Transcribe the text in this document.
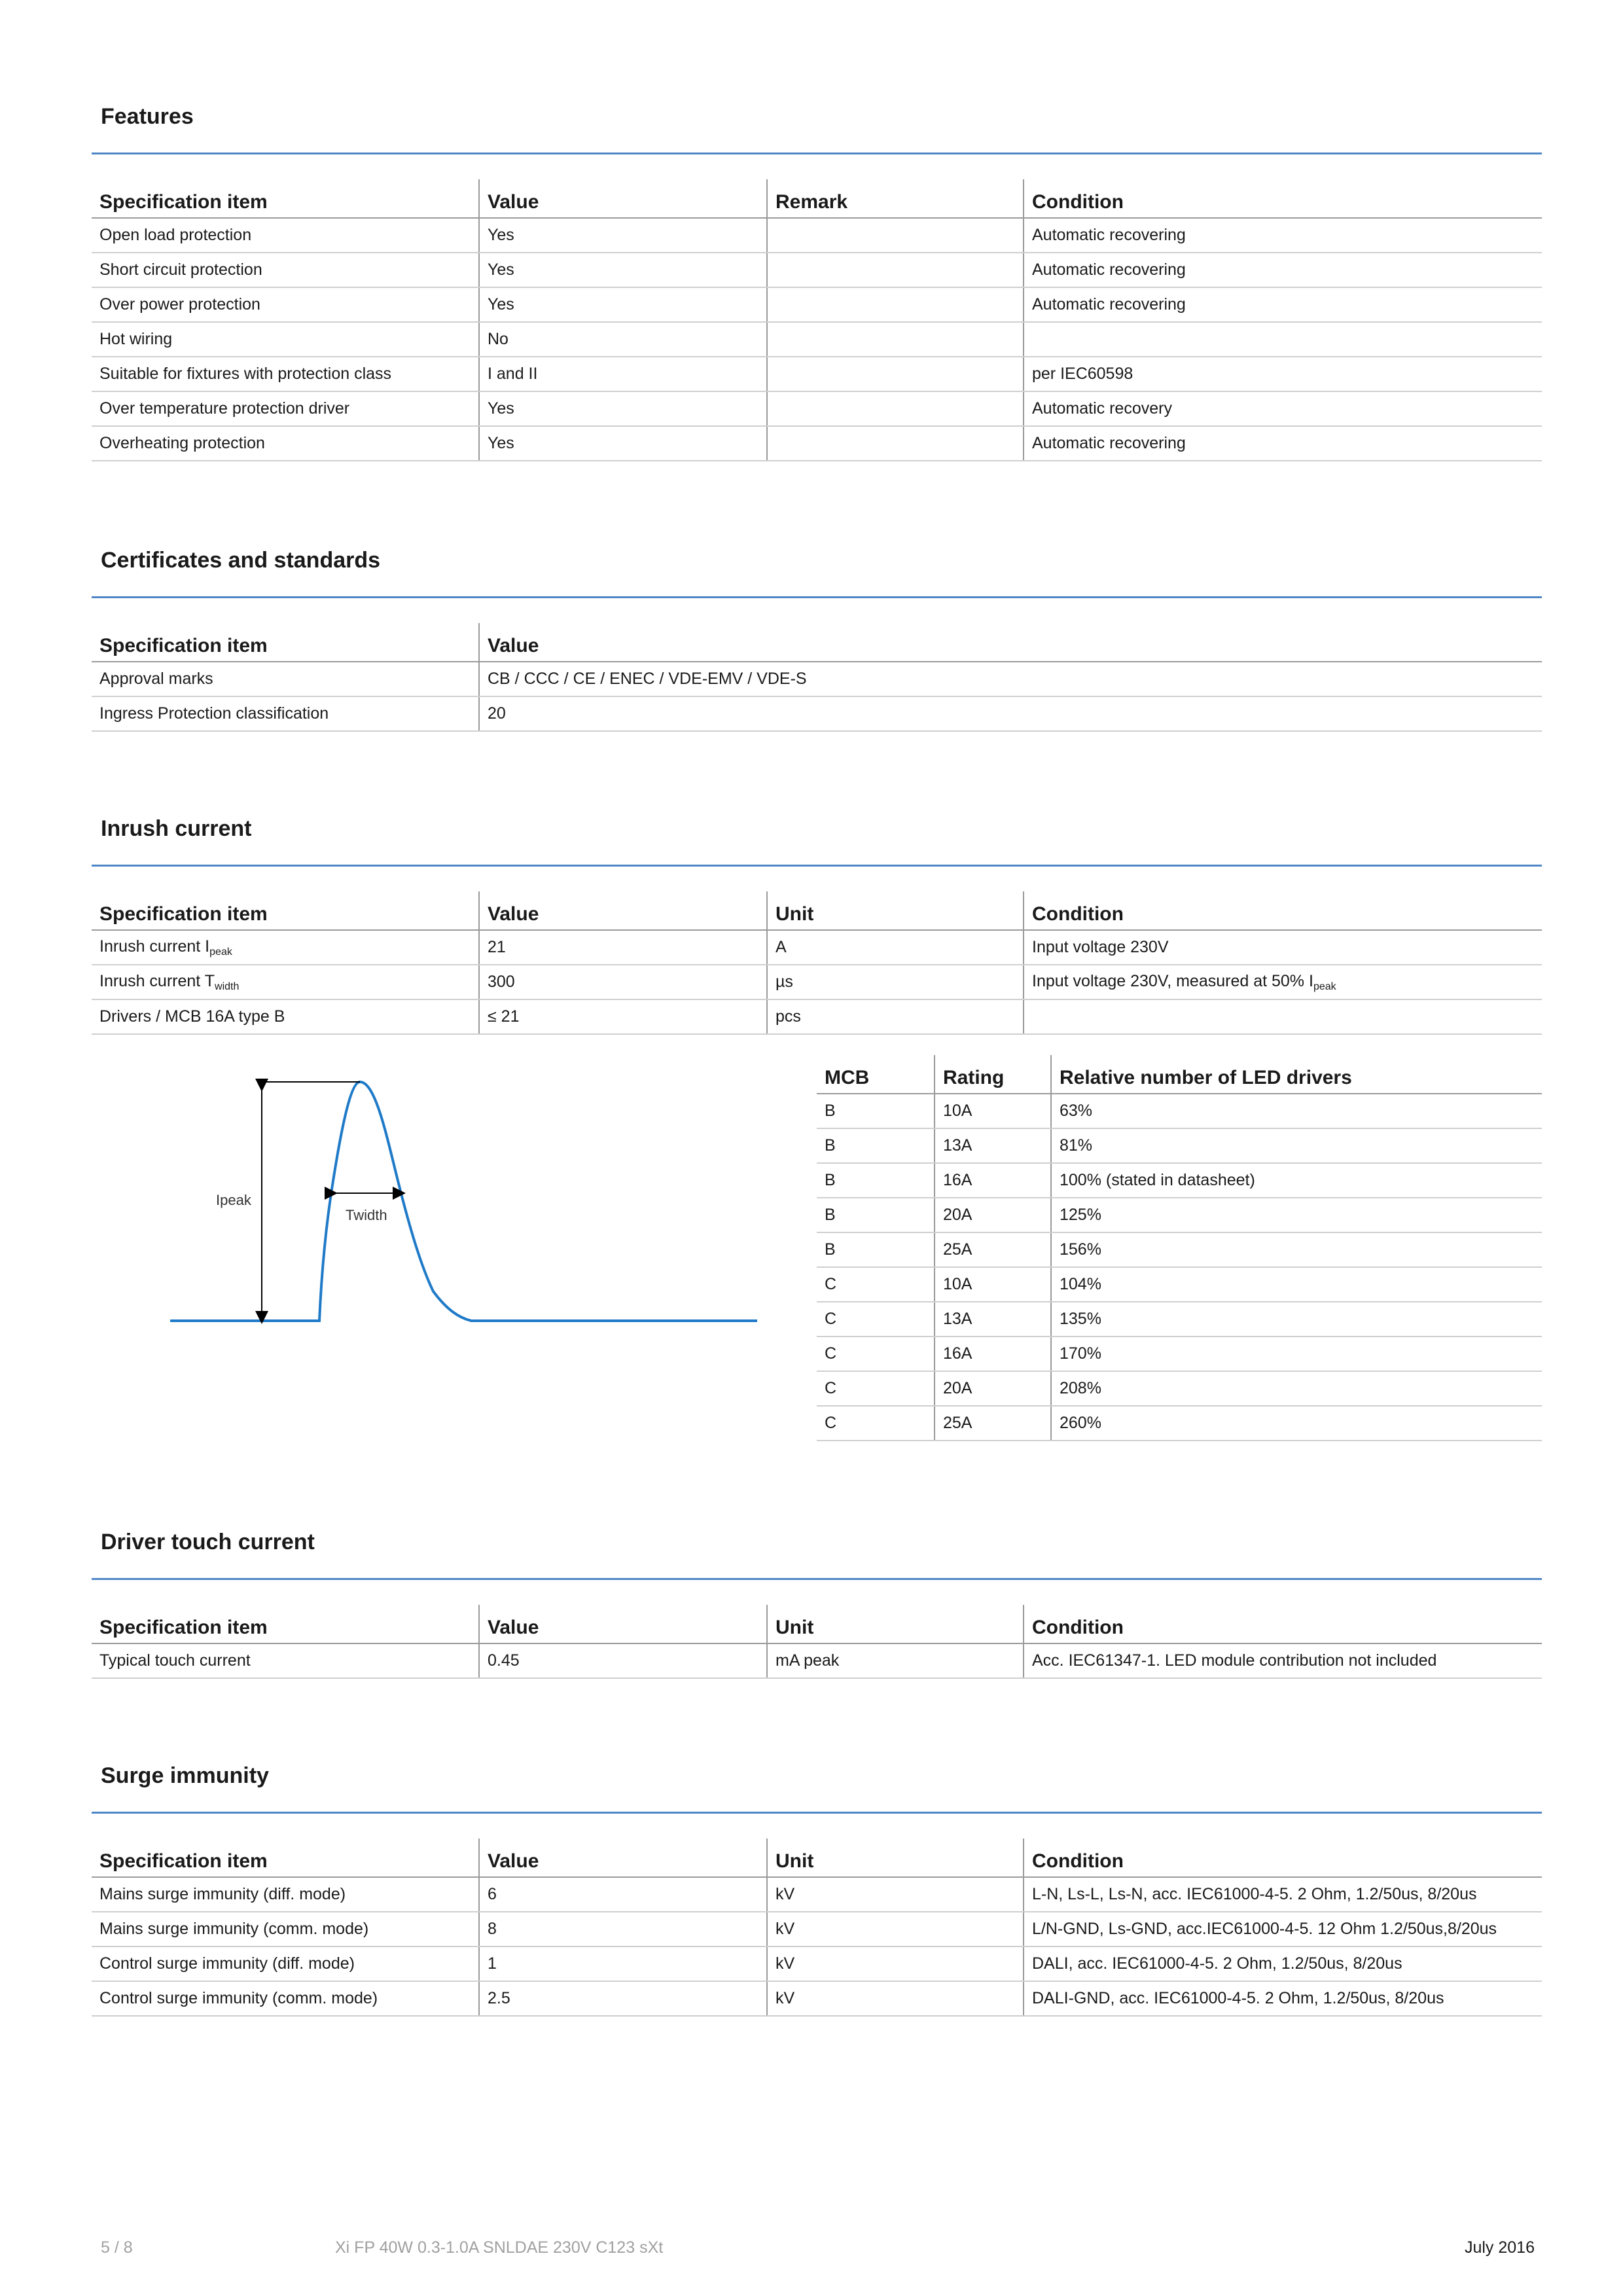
Features
Specification item	Value	Remark	Condition
Open load protection	Yes		Automatic recovering
Short circuit protection	Yes		Automatic recovering
Over power protection	Yes		Automatic recovering
Hot wiring	No		
Suitable for fixtures with protection class	I and II		per IEC60598
Over temperature protection driver	Yes		Automatic recovery
Overheating protection	Yes		Automatic recovering
Certificates and standards
Specification item	Value
Approval marks	CB / CCC / CE / ENEC / VDE-EMV / VDE-S
Ingress Protection classification	20
Inrush current
Specification item	Value	Unit	Condition
Inrush current $I_{peak}$	21	A	Input voltage 230V
Inrush current $T_{width}$	300	µs	Input voltage 230V, measured at 50% $I_{peak}$
Drivers / MCB 16A type B	≤ 21	pcs	
Ipeak
Twidth
MCB	Rating	Relative number of LED drivers
B	10A	63%
B	13A	81%
B	16A	100% (stated in datasheet)
B	20A	125%
B	25A	156%
C	10A	104%
C	13A	135%
C	16A	170%
C	20A	208%
C	25A	260%
Driver touch current
Specification item	Value	Unit	Condition
Typical touch current	0.45	mA peak	Acc. IEC61347-1. LED module contribution not included
Surge immunity
Specification item	Value	Unit	Condition
Mains surge immunity (diff. mode)	6	kV	L-N, Ls-L, Ls-N, acc. IEC61000-4-5. 2 Ohm, 1.2/50us, 8/20us
Mains surge immunity (comm. mode)	8	kV	L/N-GND, Ls-GND, acc.IEC61000-4-5. 12 Ohm 1.2/50us,8/20us
Control surge immunity (diff. mode)	1	kV	DALI, acc. IEC61000-4-5. 2 Ohm, 1.2/50us, 8/20us
Control surge immunity (comm. mode)	2.5	kV	DALI-GND, acc. IEC61000-4-5. 2 Ohm, 1.2/50us, 8/20us
5 / 8	Xi FP 40W 0.3-1.0A SNLDAE 230V C123 sXt	July 2016
